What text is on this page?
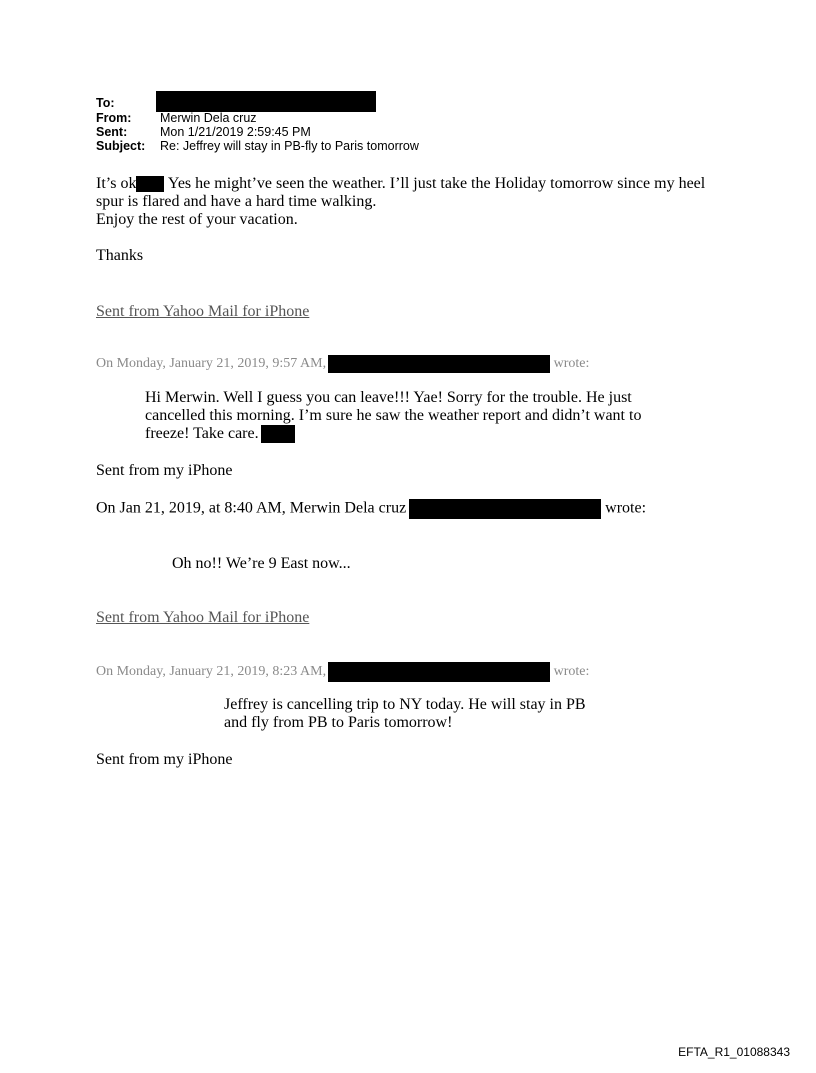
To:
From: Merwin Dela cruz
Sent:	Mon 1/21/2019 2:59:45 PM
Subject: Re: Jeffrey will stay in PB-fly to Paris tomorrow
It’s ok Yes he might’ve seen the weather. I’ll just take the Holiday tomorrow since my heel
spur is flared and have a hard time walking.
Enjoy the rest of your vacation.
Thanks
Sent from Yahoo Mail for iPhone
On Monday, January 21, 2019, 9:57 AM,	wrote:
Hi Merwin. Well I guess you can leave!!! Yae! Sorry for the trouble. He just
cancelled this morning. I’m sure he saw the weather report and didn’t want to
freeze! Take care.
Sent from my iPhone
On Jan 21, 2019, at 8:40 AM, Merwin Dela cruz	wrote:
Oh no!! We’re 9 East now...
Sent from Yahoo Mail for iPhone
On Monday, January 21, 2019, 8:23 AM,	wrote:
Jeffrey is cancelling trip to NY today. He will stay in PB
and fly from PB to Paris tomorrow!
Sent from my iPhone
EFTA_R1_01088343
